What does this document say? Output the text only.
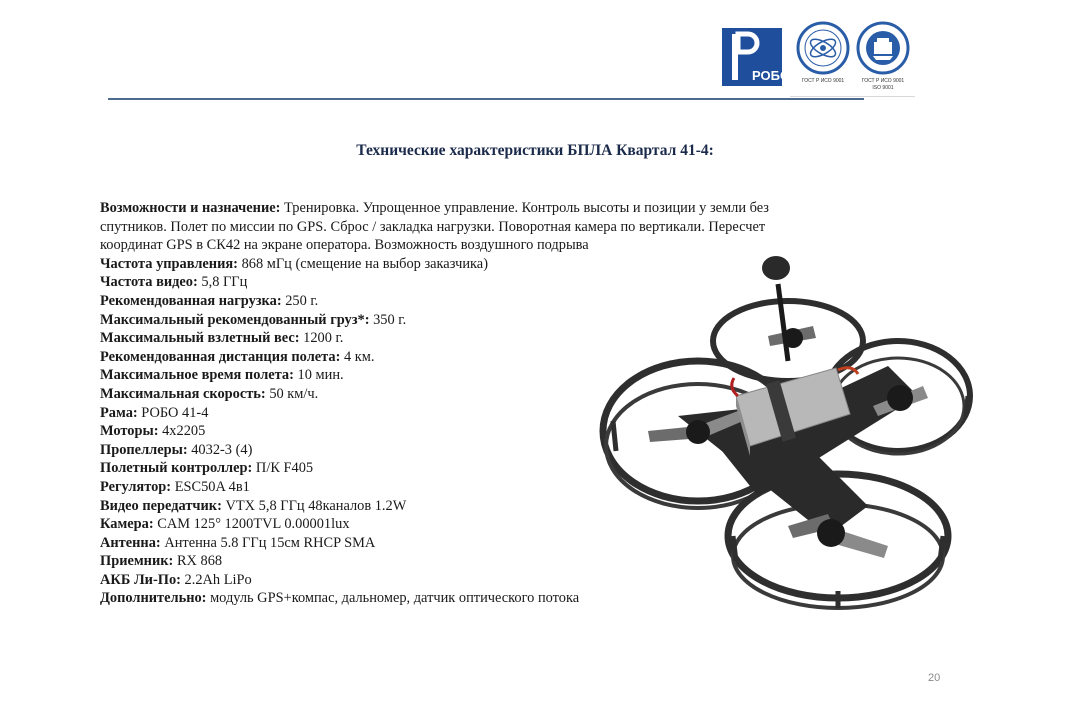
РОБО	ГОСТ Р ИСО 9001	ГОСТ Р ИСО 9001
ISO 9001
Технические характеристики БПЛА Квартал 41-4:

Возможности и назначение: Тренировка. Упрощенное управление. Контроль высоты и позиции у земли без спутников. Полет по миссии по GPS. Сброс / закладка нагрузки. Поворотная камера по вертикали. Пересчет координат GPS в СК42 на экране оператора. Возможность воздушного подрыва

Частота управления: 868 мГц (смещение на выбор заказчика)

Частота видео: 5,8 ГГц

Рекомендованная нагрузка: 250 г.

Максимальный рекомендованный груз*: 350 г.

Максимальный взлетный вес: 1200 г.

Рекомендованная дистанция полета: 4 км.

Максимальное время полета: 10 мин.

Максимальная скорость: 50 км/ч.

Рама: РОБО 41-4

Моторы: 4х2205

Пропеллеры: 4032-3 (4)

Полетный контроллер: П/К F405

Регулятор: ESC50A 4в1

Видео передатчик: VTX 5,8 ГГц 48каналов 1.2W

Камера: CAM 125° 1200TVL 0.00001lux

Антенна: Антенна 5.8 ГГц 15см RHCP SMA

Приемник: RX 868

АКБ Ли-По: 2.2Ah LiPo

Дополнительно: модуль GPS+компас, дальномер, датчик оптического потока

20
